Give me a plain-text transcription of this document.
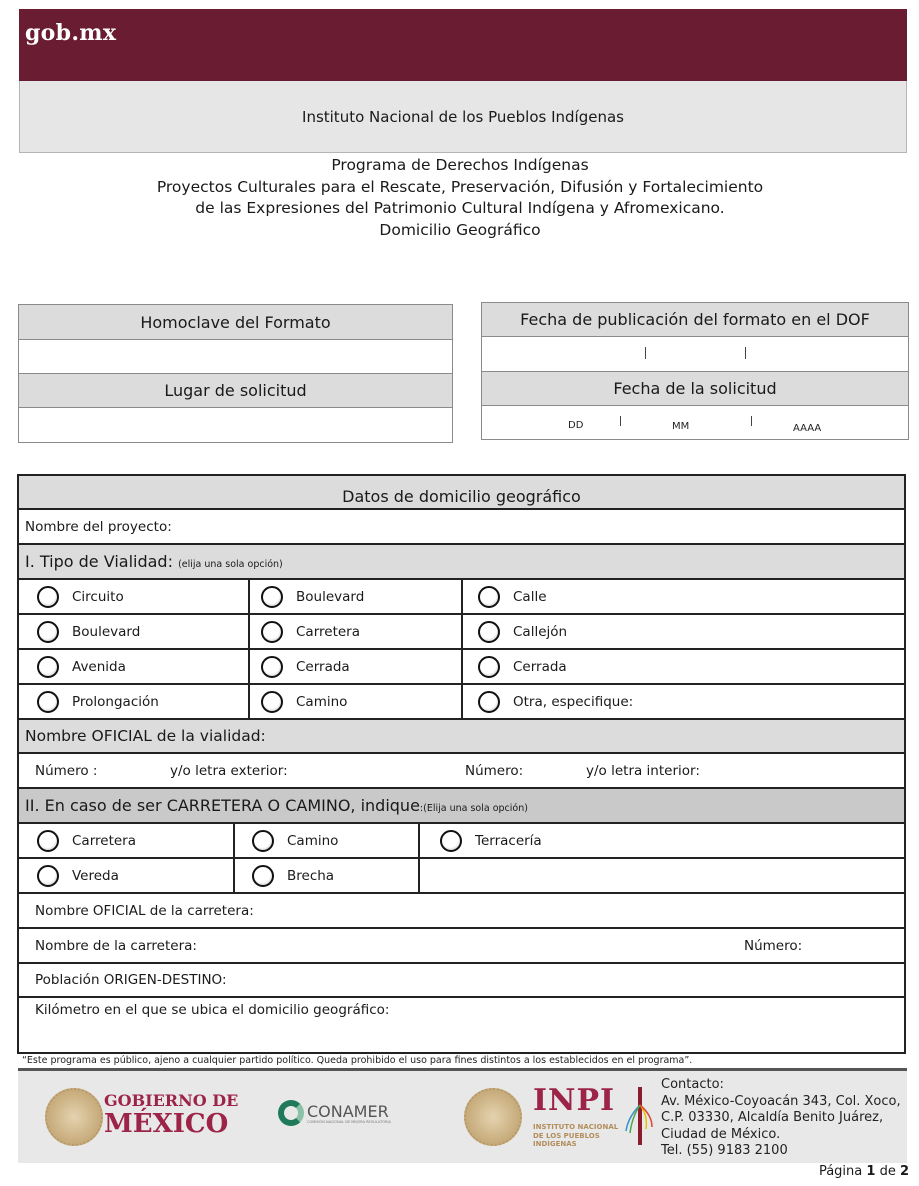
gob.mx
Instituto Nacional de los Pueblos Indígenas
Programa de Derechos Indígenas
Proyectos Culturales para el Rescate, Preservación, Difusión y Fortalecimiento
de las Expresiones del Patrimonio Cultural Indígena y Afromexicano.
Domicilio Geográfico
Homoclave del Formato
Lugar de solicitud
Fecha de publicación del formato en el DOF
Fecha de la solicitud
DD	MM	AAAA
Datos de domicilio geográfico
Nombre del proyecto:
I. Tipo de Vialidad: (elija una sola opción)
Circuito	Boulevard	Calle
Boulevard	Carretera	Callejón
Avenida	Cerrada	Cerrada
Prolongación	Camino	Otra, especifique:
Nombre OFICIAL de la vialidad:
Número :	y/o letra exterior:	Número:	y/o letra interior:
II. En caso de ser CARRETERA O CAMINO, indique:(Elija una sola opción)
Carretera	Camino	Terracería
Vereda	Brecha
Nombre OFICIAL de la carretera:
Nombre de la carretera:	Número:
Población ORIGEN-DESTINO:
Kilómetro en el que se ubica el domicilio geográfico:
“Este programa es público, ajeno a cualquier partido político. Queda prohibido el uso para fines distintos a los establecidos en el programa”.
GOBIERNO DE
MÉXICO	CONAMER
COMISIÓN NACIONAL DE MEJORA REGULATORIA
INPI
INSTITUTO NACIONAL
DE LOS PUEBLOS
INDÍGENAS
Contacto:
Av. México-Coyoacán 343, Col. Xoco,
C.P. 03330, Alcaldía Benito Juárez,
Ciudad de México.
Tel. (55) 9183 2100
Página 1 de 2
